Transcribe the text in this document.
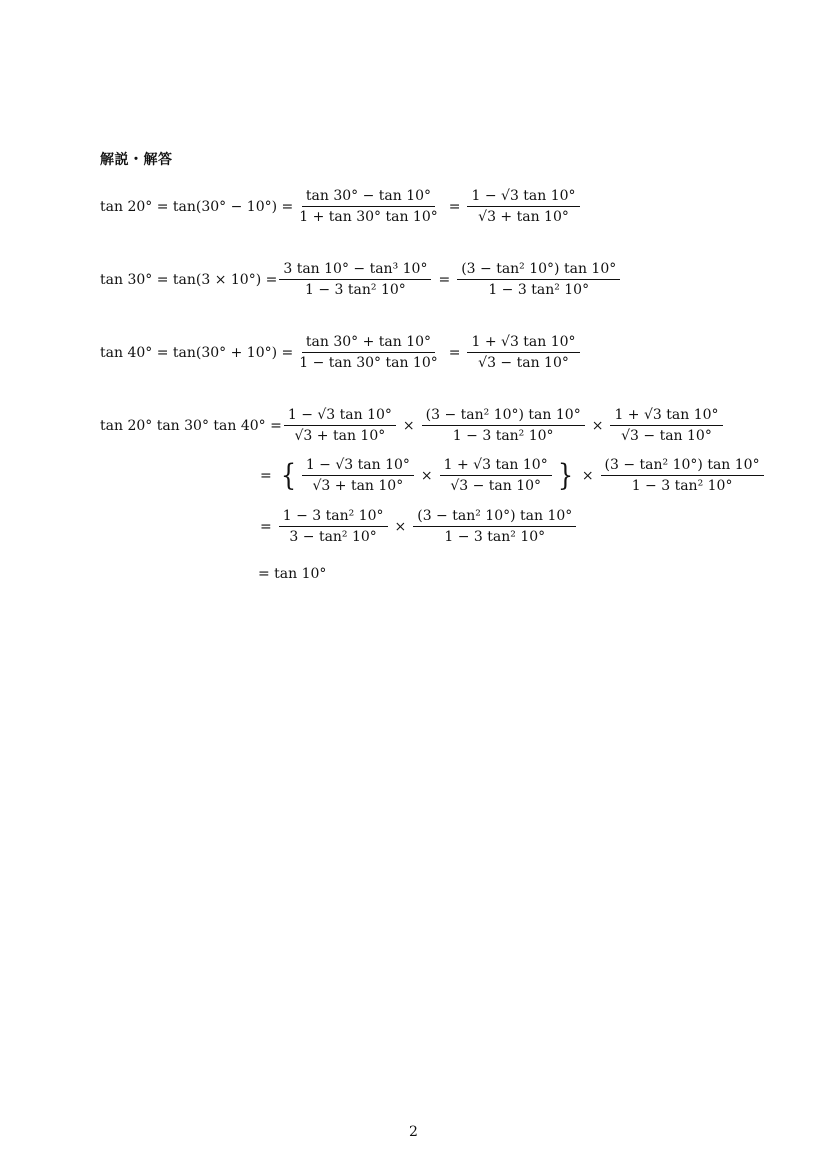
解説・解答
$\tan 20^\circ = \tan(30^\circ - 10^\circ) = \frac{\tan 30^\circ - \tan 10^\circ}{1 + \tan 30^\circ \tan 10^\circ} = \frac{1 - √3 \tan 10^\circ}{√3 + \tan 10^\circ}$
$\tan 30^\circ = \tan(3 \times 10^\circ) = \frac{\text{3 tan 10° − tan³ 10°}}{\text{1 − 3 tan² 10°}} = \frac{\text{(3 − tan² 10°) tan 10°}}{\text{1 − 3 tan² 10°}}$
$\tan 40^\circ = \tan(30^\circ + 10^\circ) = \frac{\tan 30^\circ + \tan 10^\circ}{1 - \tan 30^\circ \tan 10^\circ} = \frac{1 + √3 \tan 10^\circ}{√3 - \tan 10^\circ}$
tan 20° tan 30° $\tan 40^\circ = \frac{1 - √3 \tan 10^\circ}{√3 + \tan 10^\circ} \times \frac{\text{(3 − tan² 10°) tan 10°}}{\text{1 − 3 tan² 10°}} \times \frac{1 + √3 \tan 10^\circ}{√3 - \tan 10^\circ}$
= { $\frac{1 - √3 \tan 10^\circ}{√3 + \tan 10^\circ} \times \frac{1 + √3 \tan 10^\circ}{√3 - \tan 10^\circ}$ } × $\frac{\text{(3 − tan² 10°) tan 10°}}{\text{1 − 3 tan² 10°}}$
= $\frac{\text{1 − 3 tan² 10°}}{\text{3 − tan² 10°}} \times \frac{\text{(3 − tan² 10°) tan 10°}}{\text{1 − 3 tan² 10°}}$
= tan 10°
2
